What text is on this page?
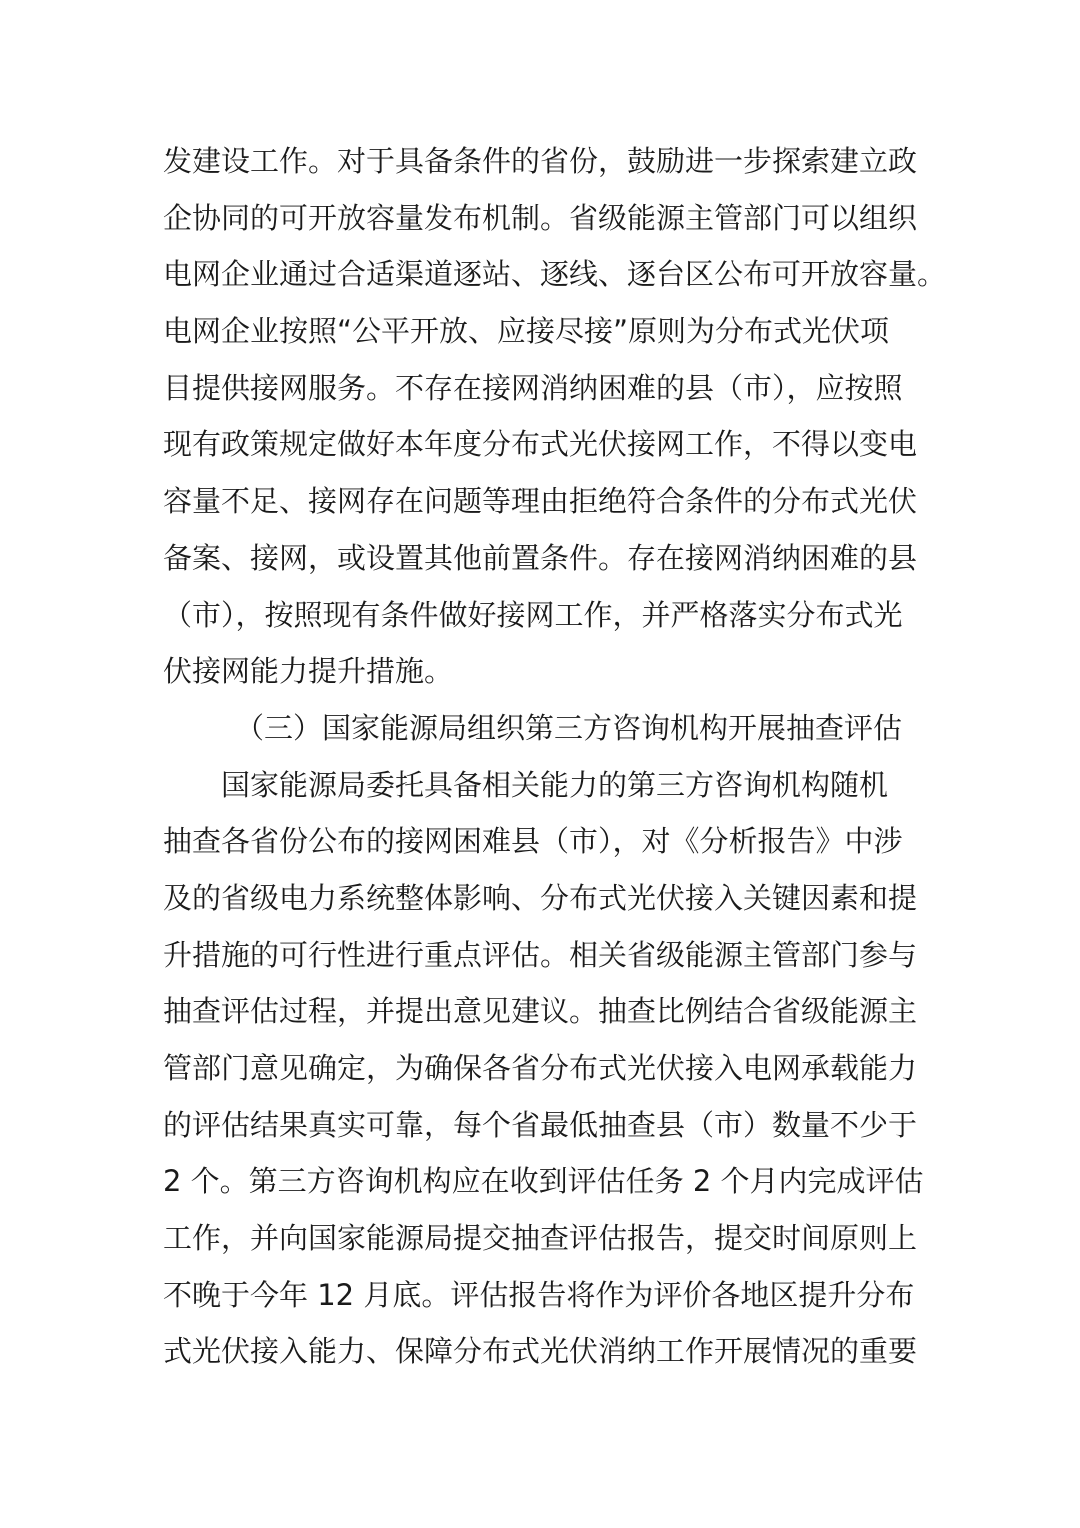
发建设工作。对于具备条件的省份，鼓励进一步探索建立政
企协同的可开放容量发布机制。省级能源主管部门可以组织
电网企业通过合适渠道逐站、逐线、逐台区公布可开放容量。
电网企业按照“公平开放、应接尽接”原则为分布式光伏项
目提供接网服务。不存在接网消纳困难的县（市），应按照
现有政策规定做好本年度分布式光伏接网工作，不得以变电
容量不足、接网存在问题等理由拒绝符合条件的分布式光伏
备案、接网，或设置其他前置条件。存在接网消纳困难的县
（市），按照现有条件做好接网工作，并严格落实分布式光
伏接网能力提升措施。
（三）国家能源局组织第三方咨询机构开展抽查评估
国家能源局委托具备相关能力的第三方咨询机构随机
抽查各省份公布的接网困难县（市），对《分析报告》中涉
及的省级电力系统整体影响、分布式光伏接入关键因素和提
升措施的可行性进行重点评估。相关省级能源主管部门参与
抽查评估过程，并提出意见建议。抽查比例结合省级能源主
管部门意见确定，为确保各省分布式光伏接入电网承载能力
的评估结果真实可靠，每个省最低抽查县（市）数量不少于
2 个。第三方咨询机构应在收到评估任务 2 个月内完成评估
工作，并向国家能源局提交抽查评估报告，提交时间原则上
不晚于今年 12 月底。评估报告将作为评价各地区提升分布
式光伏接入能力、保障分布式光伏消纳工作开展情况的重要
